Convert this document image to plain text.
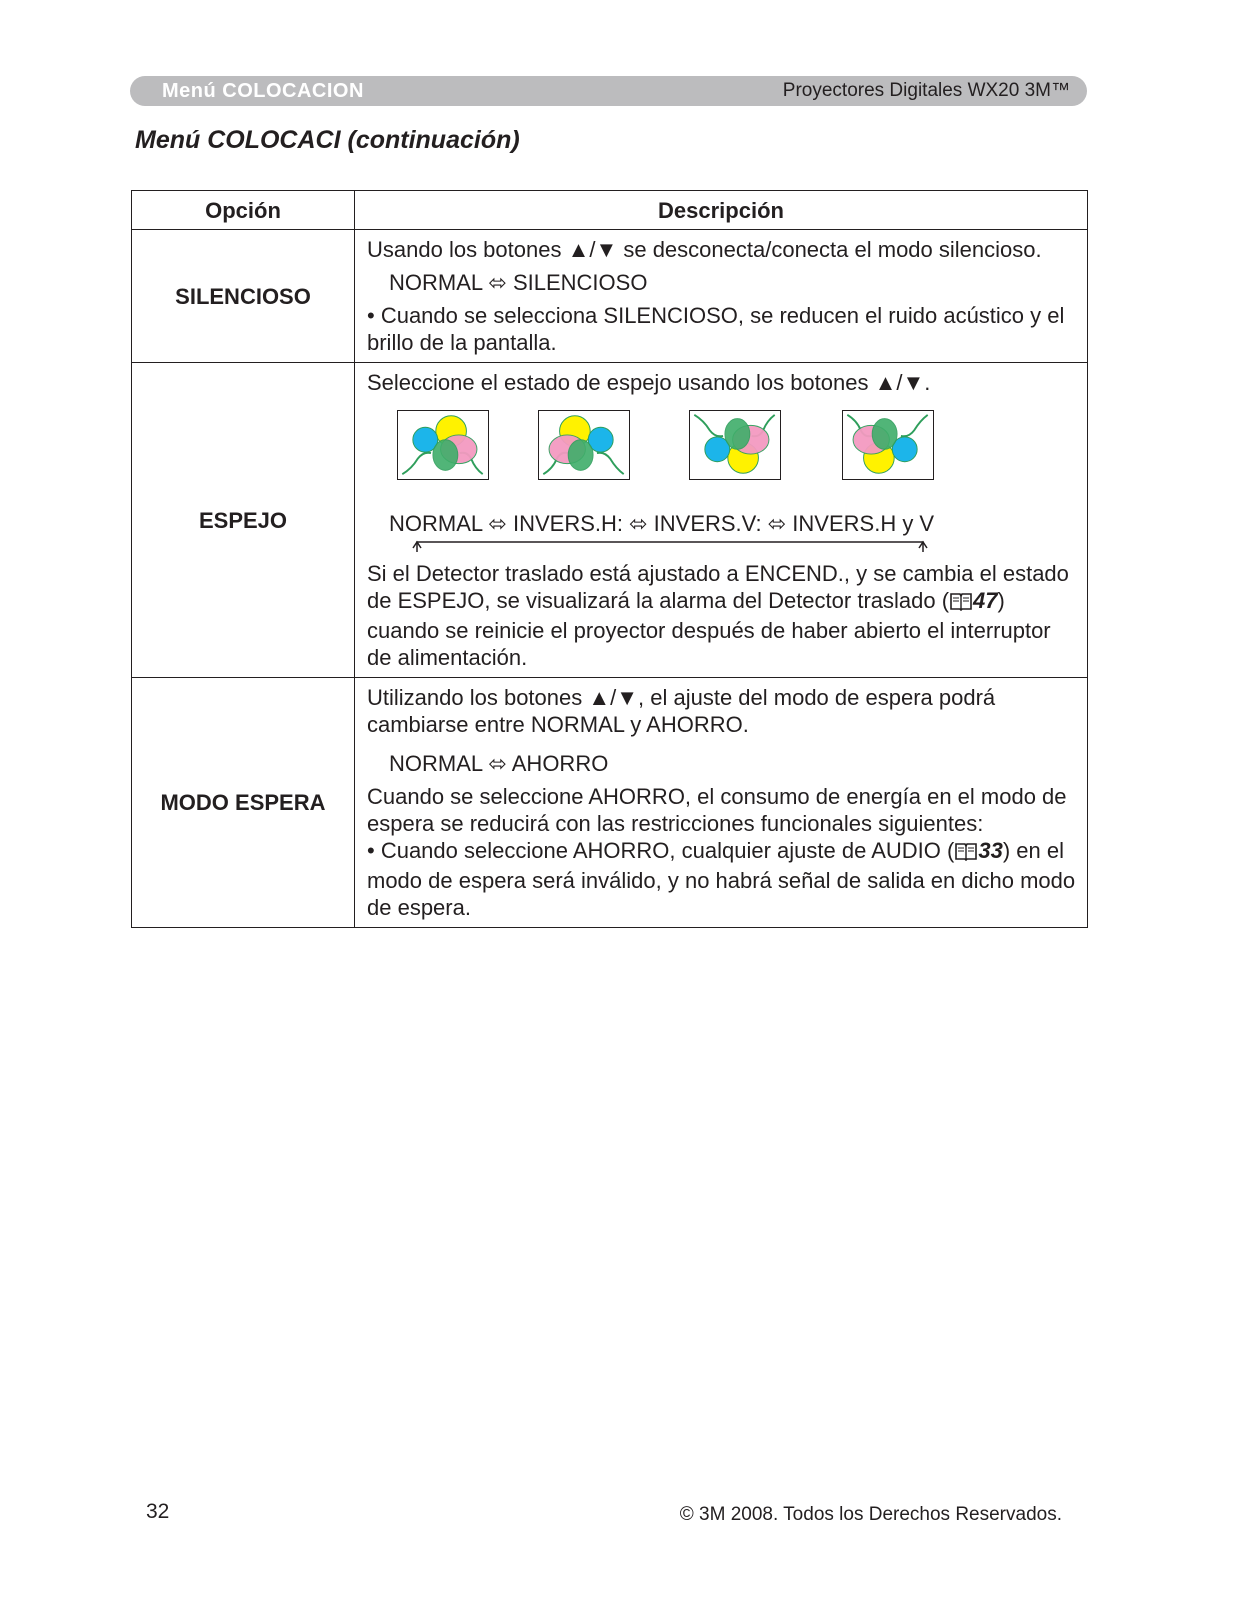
Menú COLOCACION	Proyectores Digitales WX20 3M™
Menú COLOCACI (continuación)
Opción	Descripción
SILENCIOSO	Usando los botones ▲/▼ se desconecta/conecta el modo silencioso.
NORMAL ⬄ SILENCIOSO
• Cuando se selecciona SILENCIOSO, se reducen el ruido acústico y el brillo de la pantalla.

ESPEJO	Seleccione el estado de espejo usando los botones ▲/▼.
NORMAL ⬄ INVERS.H: ⬄ INVERS.V: ⬄ INVERS.H y V
Si el Detector traslado está ajustado a ENCEND., y se cambia el estado de ESPEJO, se visualizará la alarma del Detector traslado ( 47) cuando se reinicie el proyector después de haber abierto el interruptor de alimentación.

MODO ESPERA	Utilizando los botones ▲/▼, el ajuste del modo de espera podrá cambiarse entre NORMAL y AHORRO.
NORMAL ⬄ AHORRO
Cuando se seleccione AHORRO, el consumo de energía en el modo de espera se reducirá con las restricciones funcionales siguientes:
• Cuando seleccione AHORRO, cualquier ajuste de AUDIO ( 33) en el modo de espera será inválido, y no habrá señal de salida en dicho modo de espera.
32	© 3M 2008. Todos los Derechos Reservados.
